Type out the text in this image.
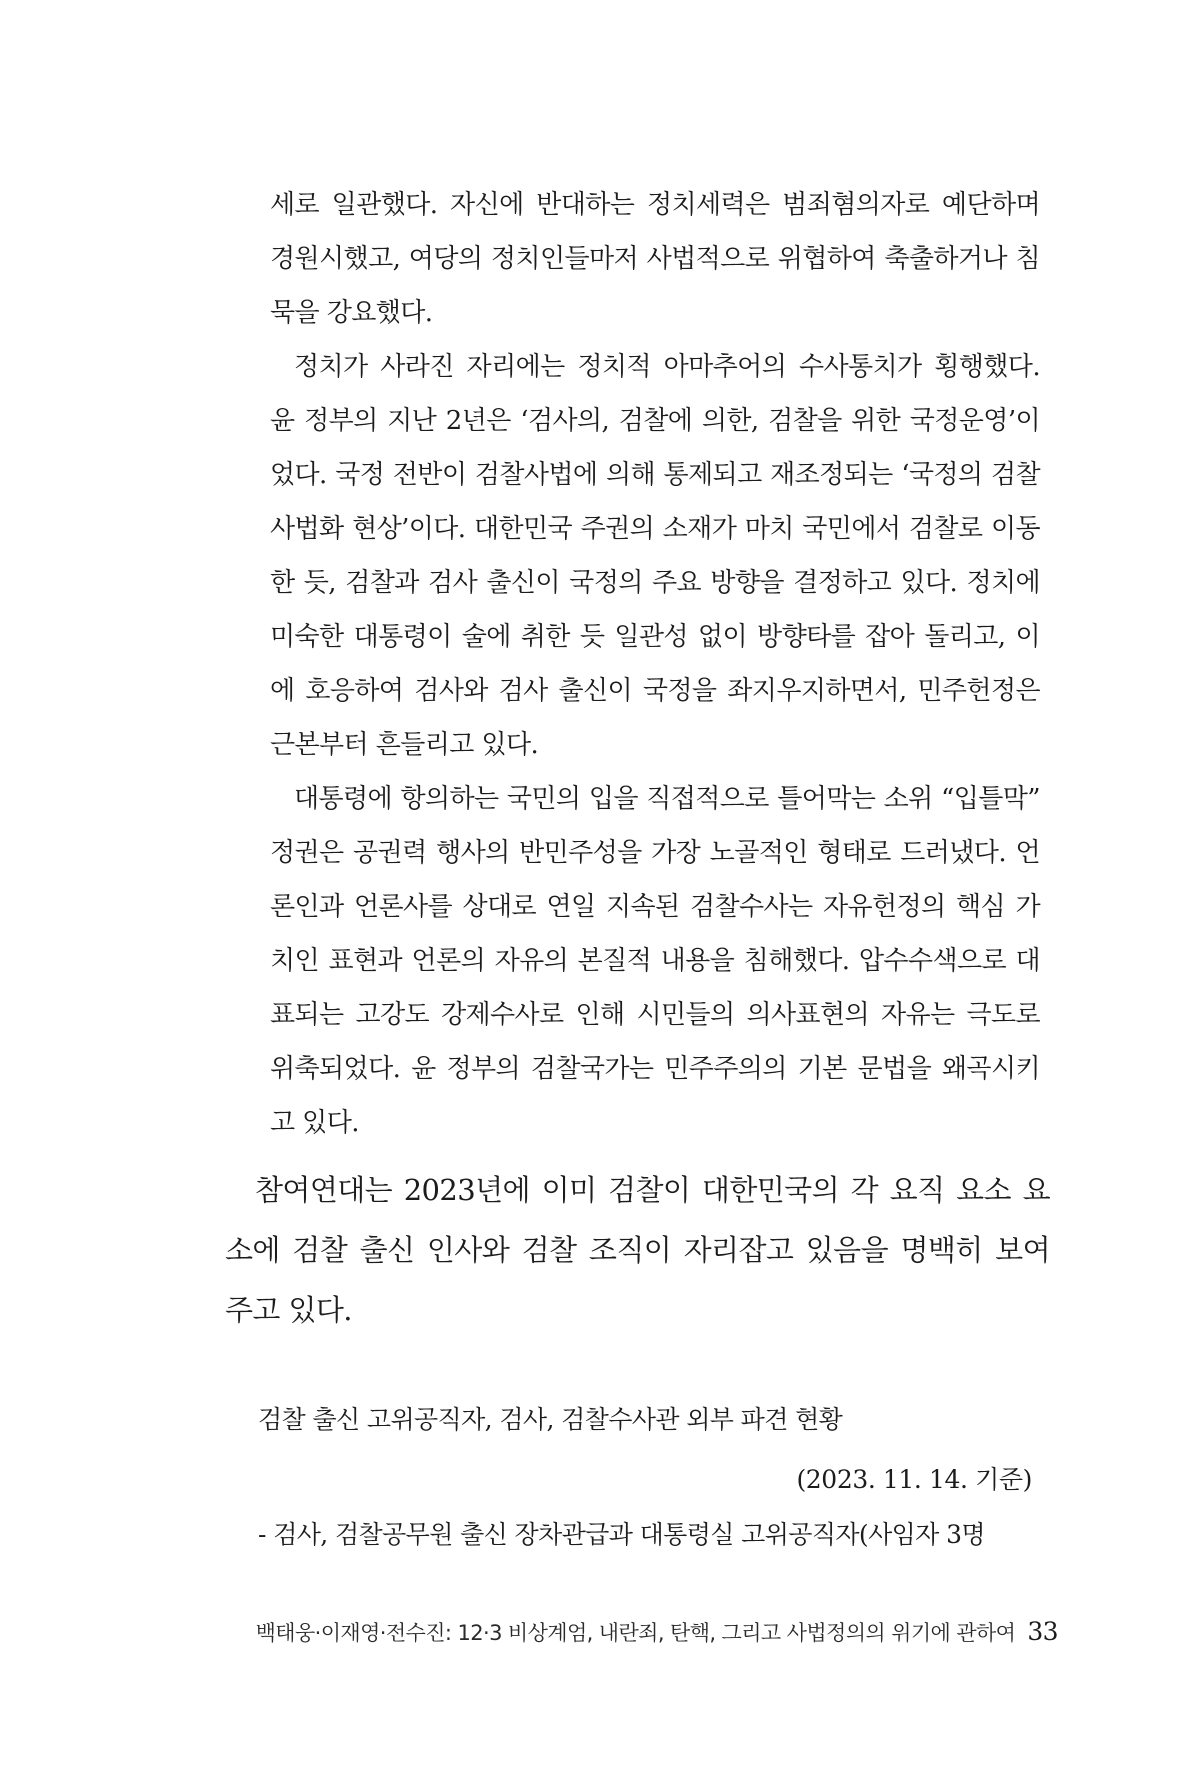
세로 일관했다. 자신에 반대하는 정치세력은 범죄혐의자로 예단하며 경원시했고, 여당의 정치인들마저 사법적으로 위협하여 축출하거나 침묵을 강요했다.

정치가 사라진 자리에는 정치적 아마추어의 수사통치가 횡행했다. 윤 정부의 지난 2년은 ‘검사의, 검찰에 의한, 검찰을 위한 국정운영’이었다. 국정 전반이 검찰사법에 의해 통제되고 재조정되는 ‘국정의 검찰사법화 현상’이다. 대한민국 주권의 소재가 마치 국민에서 검찰로 이동한 듯, 검찰과 검사 출신이 국정의 주요 방향을 결정하고 있다. 정치에 미숙한 대통령이 술에 취한 듯 일관성 없이 방향타를 잡아 돌리고, 이에 호응하여 검사와 검사 출신이 국정을 좌지우지하면서, 민주헌정은 근본부터 흔들리고 있다.

대통령에 항의하는 국민의 입을 직접적으로 틀어막는 소위 “입틀막” 정권은 공권력 행사의 반민주성을 가장 노골적인 형태로 드러냈다. 언론인과 언론사를 상대로 연일 지속된 검찰수사는 자유헌정의 핵심 가치인 표현과 언론의 자유의 본질적 내용을 침해했다. 압수수색으로 대표되는 고강도 강제수사로 인해 시민들의 의사표현의 자유는 극도로 위축되었다. 윤 정부의 검찰국가는 민주주의의 기본 문법을 왜곡시키고 있다.

참여연대는 2023년에 이미 검찰이 대한민국의 각 요직 요소 요소에 검찰 출신 인사와 검찰 조직이 자리잡고 있음을 명백히 보여 주고 있다.

검찰 출신 고위공직자, 검사, 검찰수사관 외부 파견 현황

(2023. 11. 14. 기준)

- 검사, 검찰공무원 출신 장차관급과 대통령실 고위공직자(사임자 3명

백태웅·이재영·전수진: 12·3 비상계엄, 내란죄, 탄핵, 그리고 사법정의의 위기에 관하여 33
